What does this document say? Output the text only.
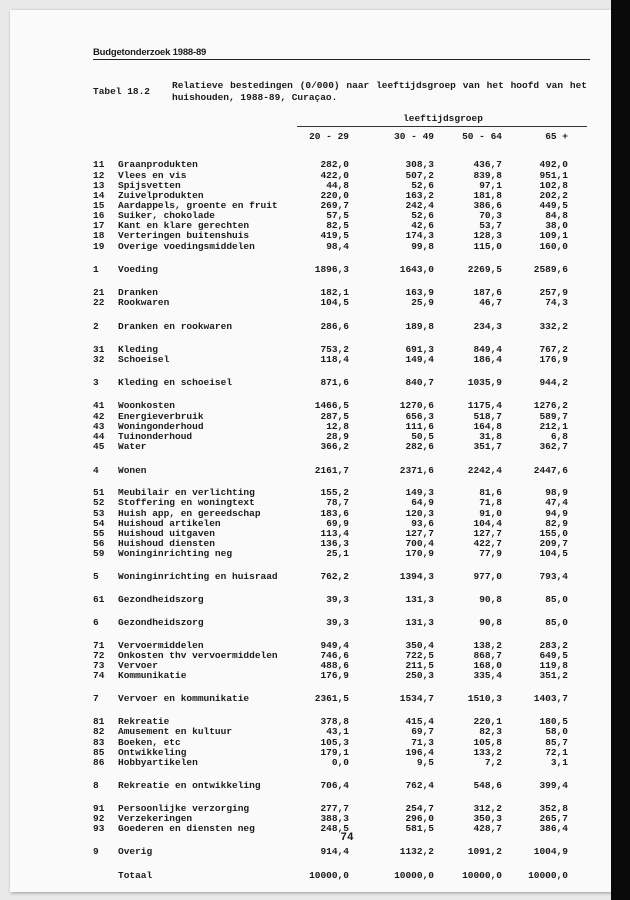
Budgetonderzoek 1988-89
Tabel 18.2
Relatieve bestedingen (0/000) naar leeftijdsgroep van het hoofd van het huishouden, 1988-89, Curaçao.
leeftijdsgroep
20 - 29	30 - 49	50 - 64	65 +
11	Graanprodukten	282,0	308,3	436,7	492,0
12	Vlees en vis	422,0	507,2	839,8	951,1
13	Spijsvetten	44,8	52,6	97,1	102,8
14	Zuivelprodukten	220,0	163,2	181,8	202,2
15	Aardappels, groente en fruit	269,7	242,4	386,6	449,5
16	Suiker, chokolade	57,5	52,6	70,3	84,8
17	Kant en klare gerechten	82,5	42,6	53,7	38,0
18	Verteringen buitenshuis	419,5	174,3	128,3	109,1
19	Overige voedingsmiddelen	98,4	99,8	115,0	160,0
1	Voeding	1896,3	1643,0	2269,5	2589,6
21	Dranken	182,1	163,9	187,6	257,9
22	Rookwaren	104,5	25,9	46,7	74,3
2	Dranken en rookwaren	286,6	189,8	234,3	332,2
31	Kleding	753,2	691,3	849,4	767,2
32	Schoeisel	118,4	149,4	186,4	176,9
3	Kleding en schoeisel	871,6	840,7	1035,9	944,2
41	Woonkosten	1466,5	1270,6	1175,4	1276,2
42	Energieverbruik	287,5	656,3	518,7	589,7
43	Woningonderhoud	12,8	111,6	164,8	212,1
44	Tuinonderhoud	28,9	50,5	31,8	6,8
45	Water	366,2	282,6	351,7	362,7
4	Wonen	2161,7	2371,6	2242,4	2447,6
51	Meubilair en verlichting	155,2	149,3	81,6	98,9
52	Stoffering en woningtext	78,7	64,9	71,8	47,4
53	Huish app, en gereedschap	183,6	120,3	91,0	94,9
54	Huishoud artikelen	69,9	93,6	104,4	82,9
55	Huishoud uitgaven	113,4	127,7	127,7	155,0
56	Huishoud diensten	136,3	700,4	422,7	209,7
59	Woninginrichting neg	25,1	170,9	77,9	104,5
5	Woninginrichting en huisraad	762,2	1394,3	977,0	793,4
61	Gezondheidszorg	39,3	131,3	90,8	85,0
6	Gezondheidszorg	39,3	131,3	90,8	85,0
71	Vervoermiddelen	949,4	350,4	138,2	283,2
72	Onkosten thv vervoermiddelen	746,6	722,5	868,7	649,5
73	Vervoer	488,6	211,5	168,0	119,8
74	Kommunikatie	176,9	250,3	335,4	351,2
7	Vervoer en kommunikatie	2361,5	1534,7	1510,3	1403,7
81	Rekreatie	378,8	415,4	220,1	180,5
82	Amusement en kultuur	43,1	69,7	82,3	58,0
83	Boeken, etc	105,3	71,3	105,8	85,7
85	Ontwikkeling	179,1	196,4	133,2	72,1
86	Hobbyartikelen	0,0	9,5	7,2	3,1
8	Rekreatie en ontwikkeling	706,4	762,4	548,6	399,4
91	Persoonlijke verzorging	277,7	254,7	312,2	352,8
92	Verzekeringen	388,3	296,0	350,3	265,7
93	Goederen en diensten neg	248,5	581,5	428,7	386,4
9	Overig	914,4	1132,2	1091,2	1004,9
Totaal	10000,0	10000,0	10000,0	10000,0
74
